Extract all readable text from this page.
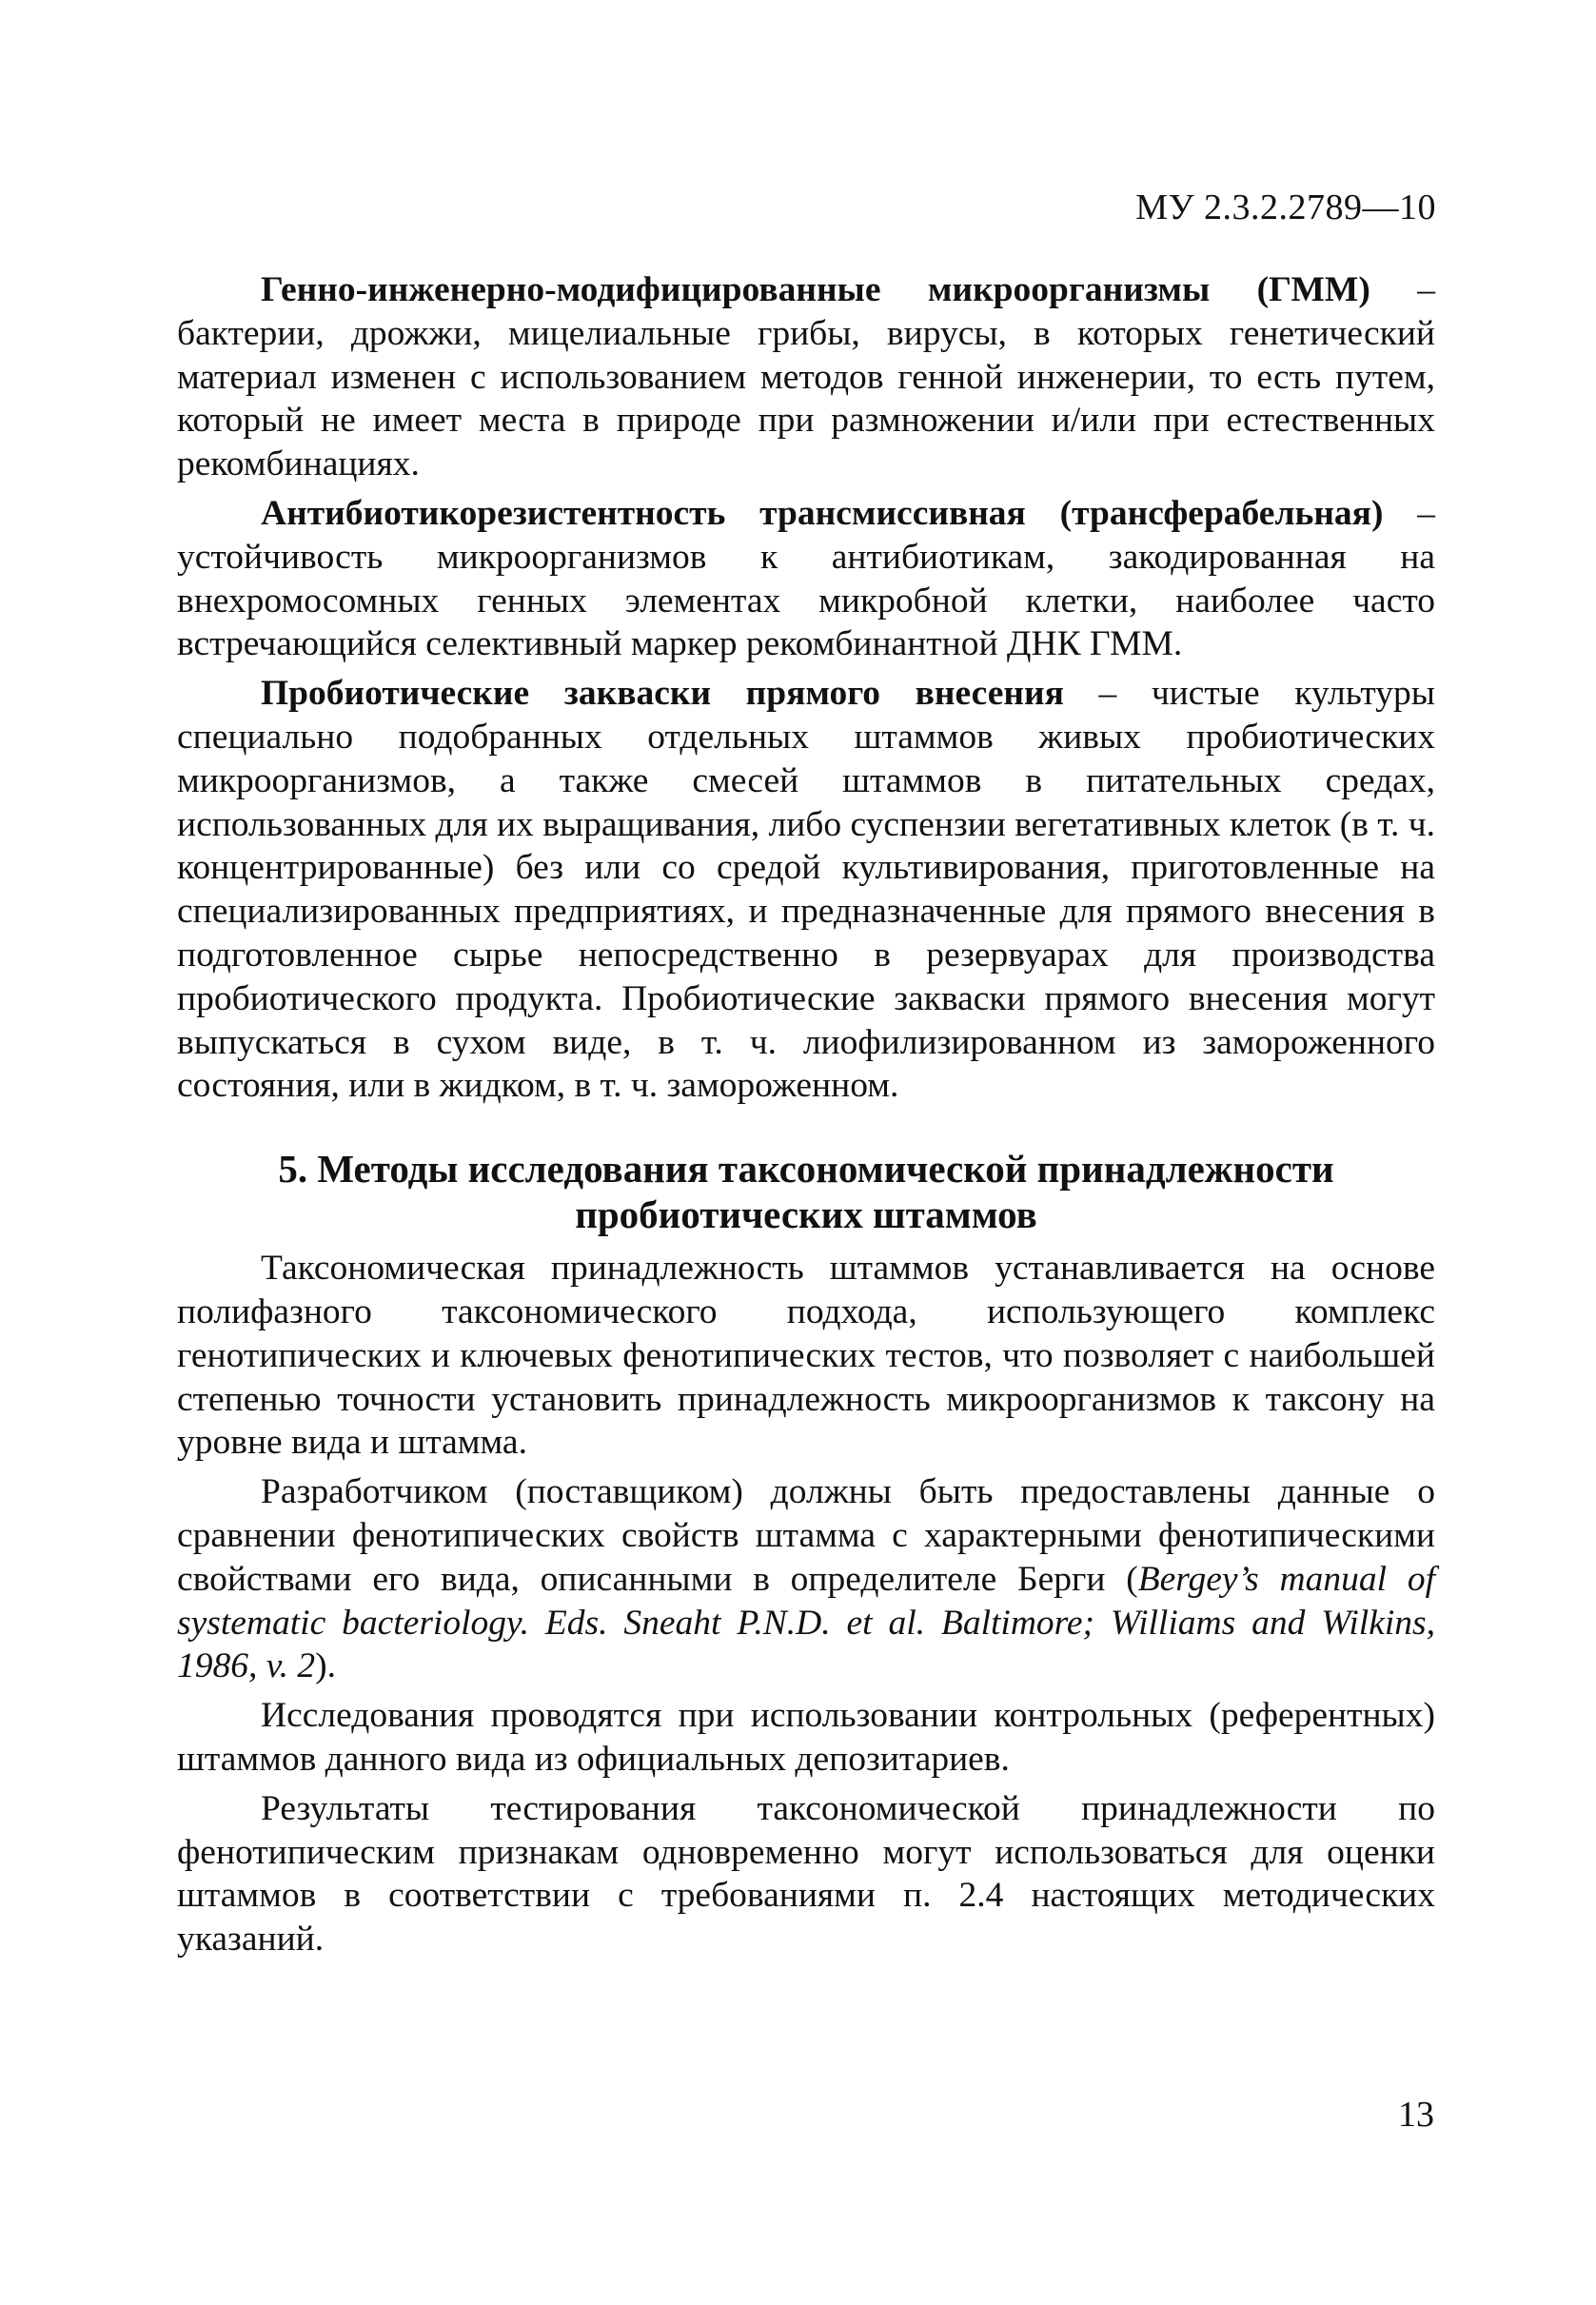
МУ 2.3.2.2789—10

Генно-инженерно-модифицированные микроорганизмы (ГММ) – бактерии, дрожжи, мицелиальные грибы, вирусы, в которых генетический материал изменен с использованием методов генной инженерии, то есть путем, который не имеет места в природе при размножении и/или при естественных рекомбинациях.

Антибиотикорезистентность трансмиссивная (трансферабельная) – устойчивость микроорганизмов к антибиотикам, закодированная на внехромосомных генных элементах микробной клетки, наиболее часто встречающийся селективный маркер рекомбинантной ДНК ГММ.

Пробиотические закваски прямого внесения – чистые культуры специально подобранных отдельных штаммов живых пробиотических микроорганизмов, а также смесей штаммов в питательных средах, использованных для их выращивания, либо суспензии вегетативных клеток (в т. ч. концентрированные) без или со средой культивирования, приготовленные на специализированных предприятиях, и предназначенные для прямого внесения в подготовленное сырье непосредственно в резервуарах для производства пробиотического продукта. Пробиотические закваски прямого внесения могут выпускаться в сухом виде, в т. ч. лиофилизированном из замороженного состояния, или в жидком, в т. ч. замороженном.

5. Методы исследования таксономической принадлежности
пробиотических штаммов

Таксономическая принадлежность штаммов устанавливается на основе полифазного таксономического подхода, использующего комплекс генотипических и ключевых фенотипических тестов, что позволяет с наибольшей степенью точности установить принадлежность микроорганизмов к таксону на уровне вида и штамма.

Разработчиком (поставщиком) должны быть предоставлены данные о сравнении фенотипических свойств штамма с характерными фенотипическими свойствами его вида, описанными в определителе Берги (Bergey’s manual of systematic bacteriology. Eds. Sneaht P.N.D. et al. Baltimore; Williams and Wilkins, 1986, v. 2).

Исследования проводятся при использовании контрольных (референтных) штаммов данного вида из официальных депозитариев.

Результаты тестирования таксономической принадлежности по фенотипическим признакам одновременно могут использоваться для оценки штаммов в соответствии с требованиями п. 2.4 настоящих методических указаний.

13
